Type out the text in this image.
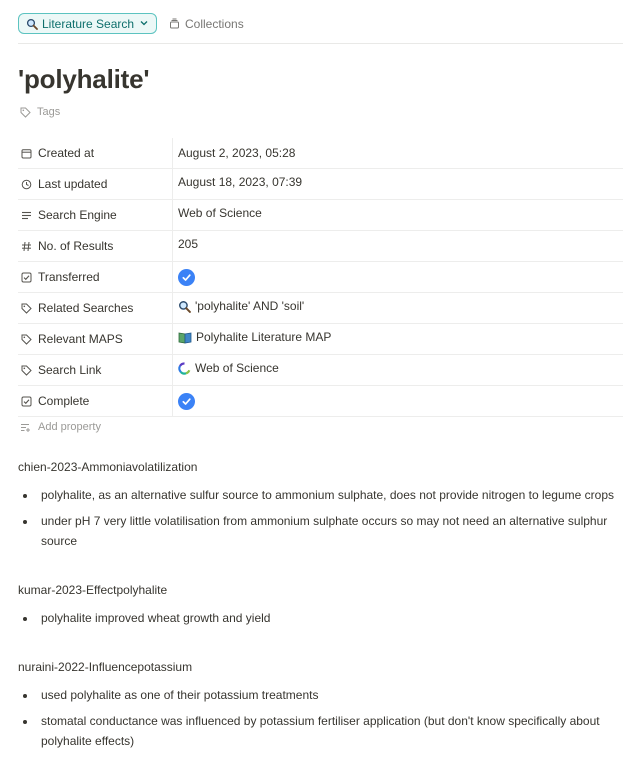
Literature Search	Collections
'polyhalite'
Tags
Created at	August 2, 2023, 05:28
Last updated	August 18, 2023, 07:39
Search Engine	Web of Science
No. of Results	205
Transferred
Related Searches	'polyhalite' AND 'soil'
Relevant MAPS	Polyhalite Literature MAP
Search Link	Web of Science
Complete
Add property
chien-2023-Ammoniavolatilization
polyhalite, as an alternative sulfur source to ammonium sulphate, does not provide nitrogen to legume crops
under pH 7 very little volatilisation from ammonium sulphate occurs so may not need an alternative sulphur source
kumar-2023-Effectpolyhalite
polyhalite improved wheat growth and yield
nuraini-2022-Influencepotassium
used polyhalite as one of their potassium treatments
stomatal conductance was influenced by potassium fertiliser application (but don't know specifically about polyhalite effects)
